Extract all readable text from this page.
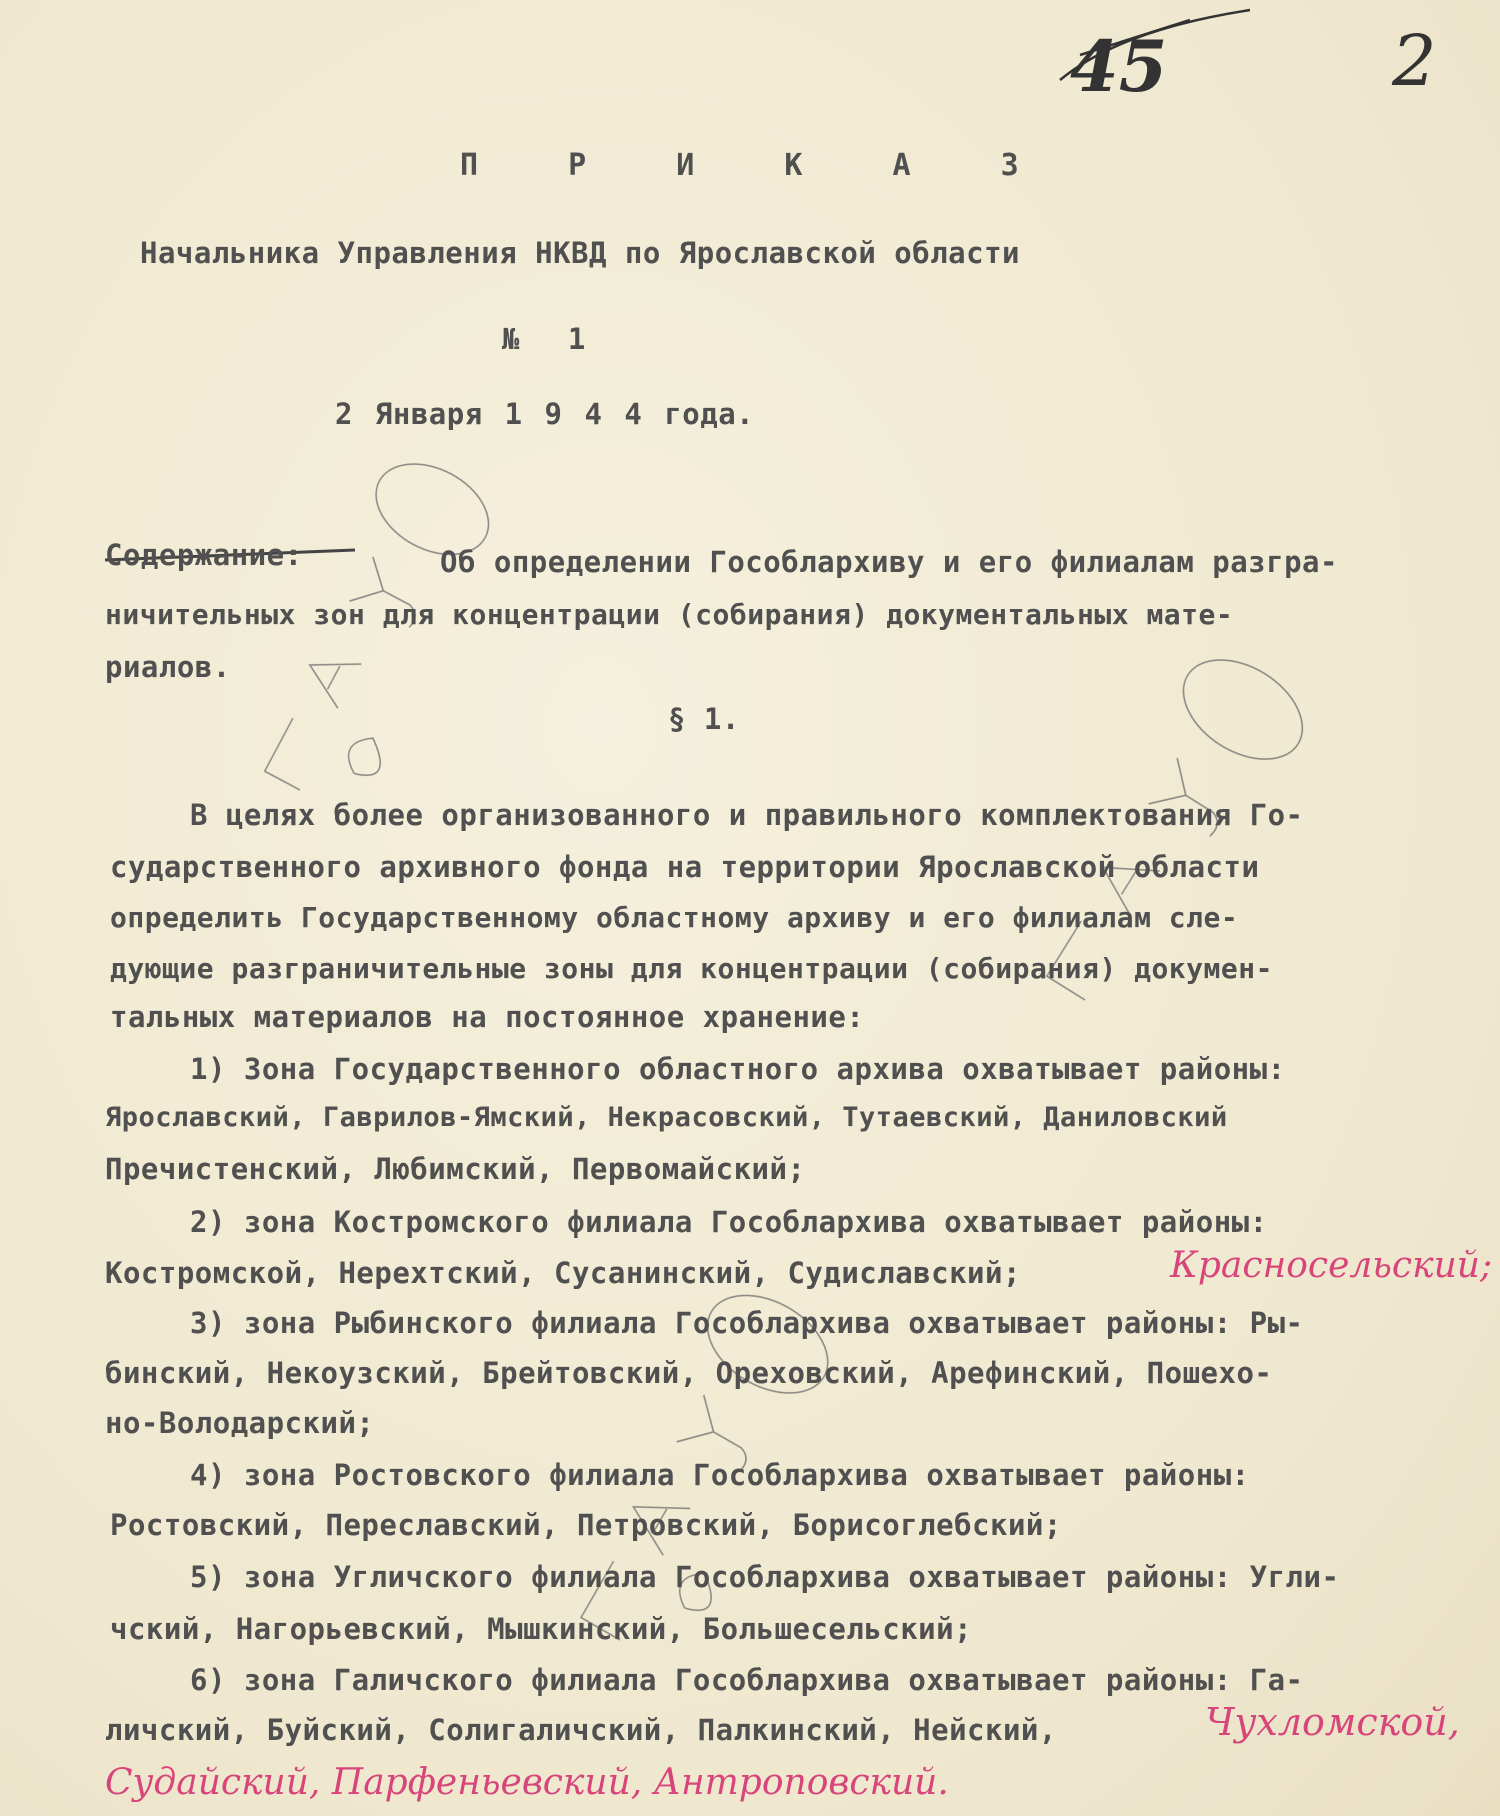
45	2
П Р И К А З
Начальника Управления НКВД по Ярославской области
№ 1
2 Января 1 9 4 4 года.
Содержание:	Об определении Гособлархиву и его филиалам разгра-
ничительных зон для концентрации (собирания) документальных мате-
риалов.
§ 1.
В целях более организованного и правильного комплектования Го-
сударственного архивного фонда на территории Ярославской области
определить Государственному областному архиву и его филиалам сле-
дующие разграничительные зоны для концентрации (собирания) докумен-
тальных материалов на постоянное хранение:
1) Зона Государственного областного архива охватывает районы:
Ярославский, Гаврилов-Ямский, Некрасовский, Тутаевский, Даниловский
Пречистенский, Любимский, Первомайский;
2) зона Костромского филиала Гособлархива охватывает районы:
Костромской, Нерехтский, Сусанинский, Судиславский;	Красносельский;
3) зона Рыбинского филиала Гособлархива охватывает районы: Ры-
бинский, Некоузский, Брейтовский, Ореховский, Арефинский, Пошехо-
но-Володарский;
4) зона Ростовского филиала Гособлархива охватывает районы:
Ростовский, Переславский, Петровский, Борисоглебский;
5) зона Угличского филиала Гособлархива охватывает районы: Угли-
чский, Нагорьевский, Мышкинский, Большесельский;
6) зона Галичского филиала Гособлархива охватывает районы: Га-
личский, Буйский, Солигаличский, Палкинский, Нейский,	Чухломской,
Судайский, Парфеньевский, Антроповский.
